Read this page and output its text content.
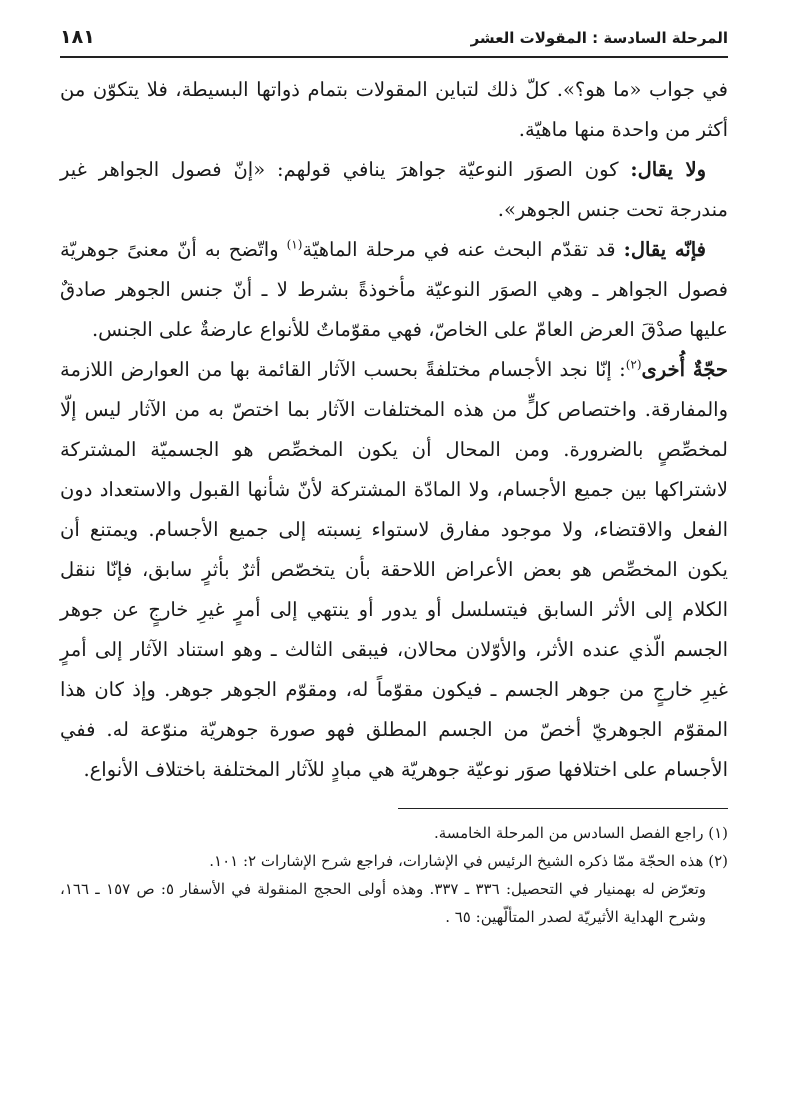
المرحلة السادسة : المقولات العشر
١٨١

في جواب «ما هو؟». كلّ ذلك لتباين المقولات بتمام ذواتها البسيطة، فلا يتكوّن من أكثر من واحدة منها ماهيّة.

ولا يقال: كون الصوَر النوعيّة جواهرَ ينافي قولهم: «إنّ فصول الجواهر غير مندرجة تحت جنس الجوهر».

فإنّه يقال: قد تقدّم البحث عنه في مرحلة الماهيّة$^{(١)}$ واتّضح به أنّ معنىً جوهريّة فصول الجواهر ـ وهي الصوَر النوعيّة مأخوذةً بشرط لا ـ أنّ جنس الجوهر صادقٌ عليها صدْقَ العرض العامّ على الخاصّ، فهي مقوّماتٌ للأنواع عارضةٌ على الجنس.

حجّةٌ أُخرى$^{(٢)}$: إنّا نجد الأجسام مختلفةً بحسب الآثار القائمة بها من العوارض اللازمة والمفارقة. واختصاص كلٍّ من هذه المختلفات الآثار بما اختصّ به من الآثار ليس إلّا لمخصِّصٍ بالضرورة. ومن المحال أن يكون المخصِّص هو الجسميّة المشتركة لاشتراكها بين جميع الأجسام، ولا المادّة المشتركة لأنّ شأنها القبول والاستعداد دون الفعل والاقتضاء، ولا موجود مفارق لاستواء نِسبته إلى جميع الأجسام. ويمتنع أن يكون المخصِّص هو بعض الأعراض اللاحقة بأن يتخصّص أثرٌ بأثرٍ سابق، فإنّا ننقل الكلام إلى الأثر السابق فيتسلسل أو يدور أو ينتهي إلى أمرٍ غيرِ خارجٍ عن جوهر الجسم الّذي عنده الأثر، والأوّلان محالان، فيبقى الثالث ـ وهو استناد الآثار إلى أمرٍ غيرِ خارجٍ من جوهر الجسم ـ فيكون مقوّماً له، ومقوّم الجوهر جوهر. وإذ كان هذا المقوّم الجوهريّ أخصّ من الجسم المطلق فهو صورة جوهريّة منوّعة له. ففي الأجسام على اختلافها صوَر نوعيّة جوهريّة هي مبادٍ للآثار المختلفة باختلاف الأنواع.

(١) راجع الفصل السادس من المرحلة الخامسة.

(٢) هذه الحجّة ممّا ذكره الشيخ الرئيس في الإشارات، فراجع شرح الإشارات ٢: ١٠١.

وتعرّض له بهمنيار في التحصيل: ٣٣٦ ـ ٣٣٧. وهذه أولى الحجج المنقولة في الأسفار ٥: ص ١٥٧ ـ ١٦٦، وشرح الهداية الأثيريّة لصدر المتألّهين: ٦٥ .
